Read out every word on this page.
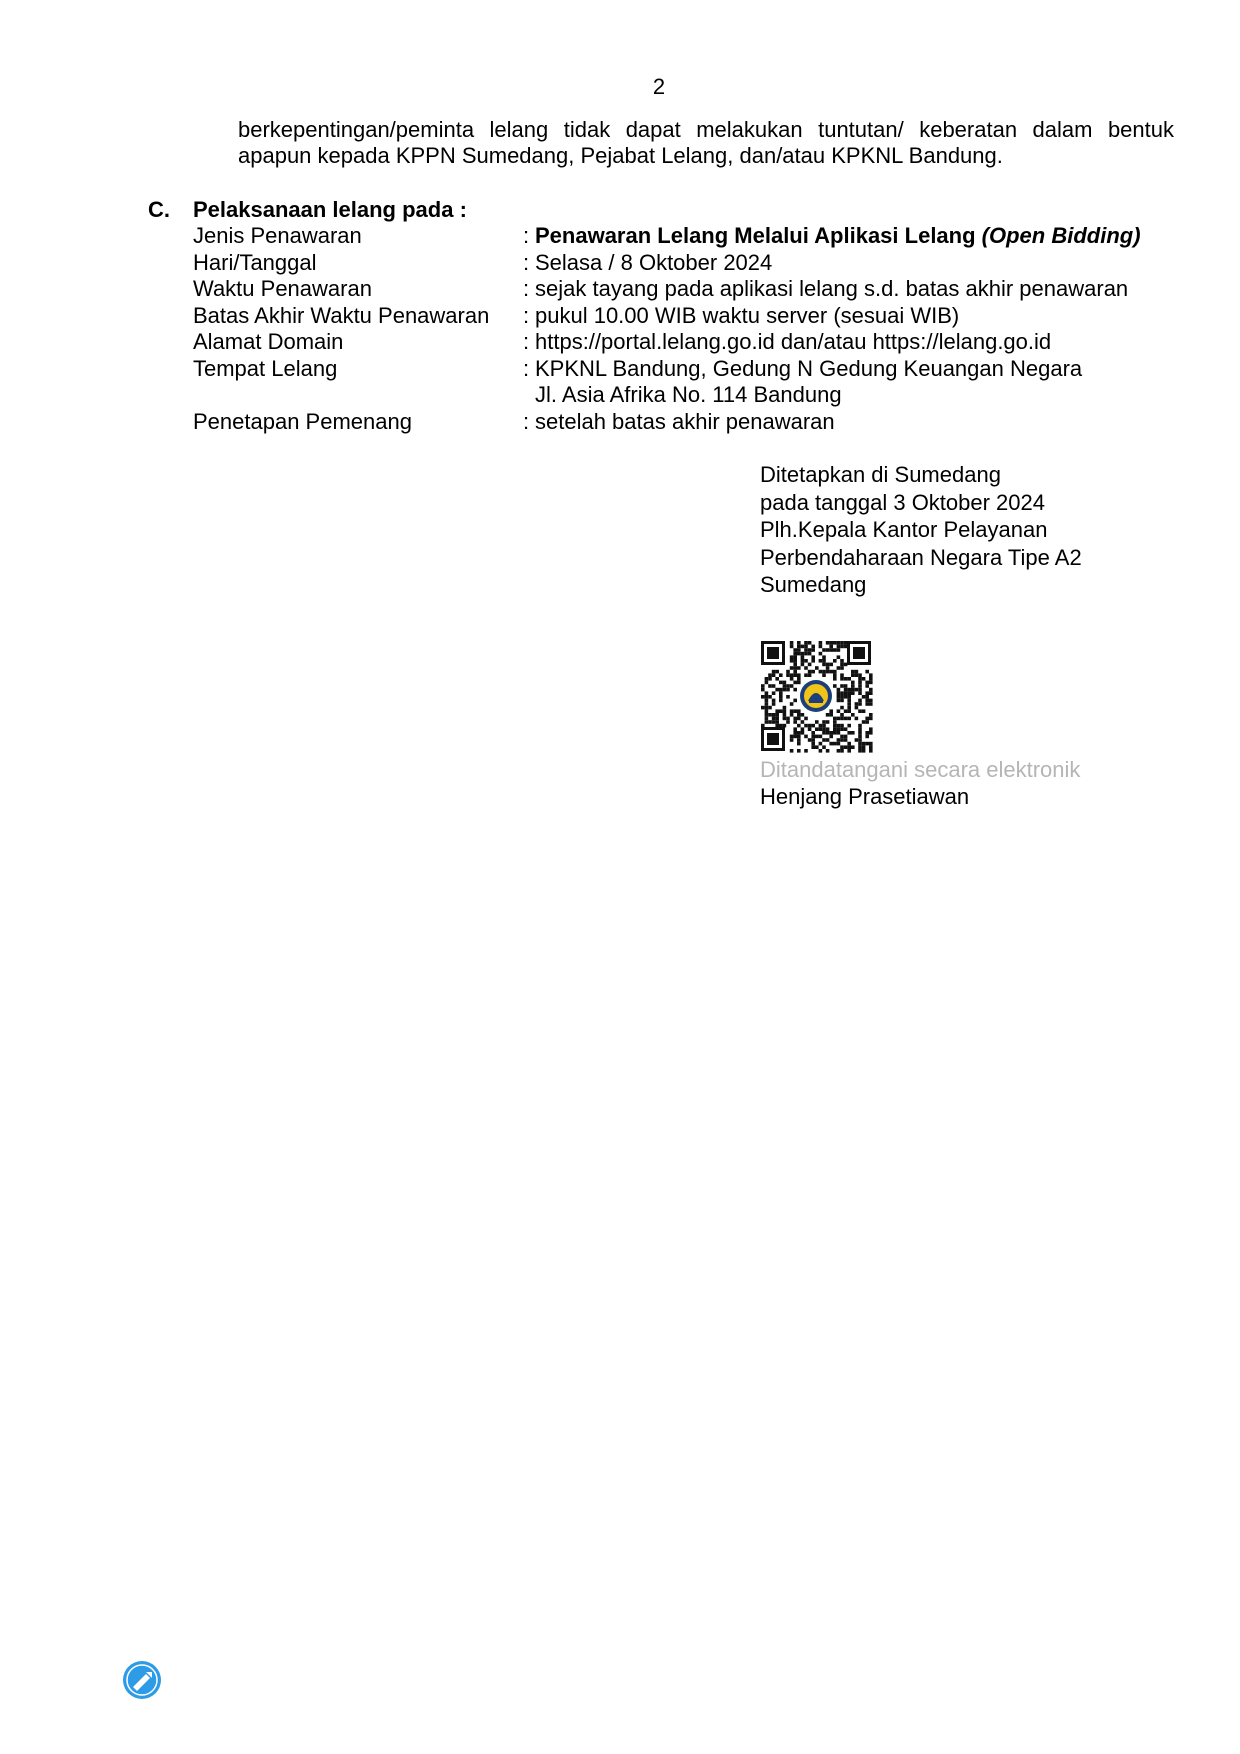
2

berkepentingan/peminta lelang tidak dapat melakukan tuntutan/ keberatan dalam bentuk

apapun kepada KPPN Sumedang, Pejabat Lelang, dan/atau KPKNL Bandung.

C. Pelaksanaan lelang pada :
Jenis Penawaran	: Penawaran Lelang Melalui Aplikasi Lelang (Open Bidding)
Hari/Tanggal	: Selasa / 8 Oktober 2024
Waktu Penawaran	: sejak tayang pada aplikasi lelang s.d. batas akhir penawaran
Batas Akhir Waktu Penawaran	: pukul 10.00 WIB waktu server (sesuai WIB)
Alamat Domain	: https://portal.lelang.go.id dan/atau https://lelang.go.id
Tempat Lelang	: KPKNL Bandung, Gedung N Gedung Keuangan Negara
Jl. Asia Afrika No. 114 Bandung
Penetapan Pemenang	: setelah batas akhir penawaran
Ditetapkan di Sumedang
pada tanggal 3 Oktober 2024
Plh.Kepala Kantor Pelayanan
Perbendaharaan Negara Tipe A2
Sumedang
Ditandatangani secara elektronik
Henjang Prasetiawan
